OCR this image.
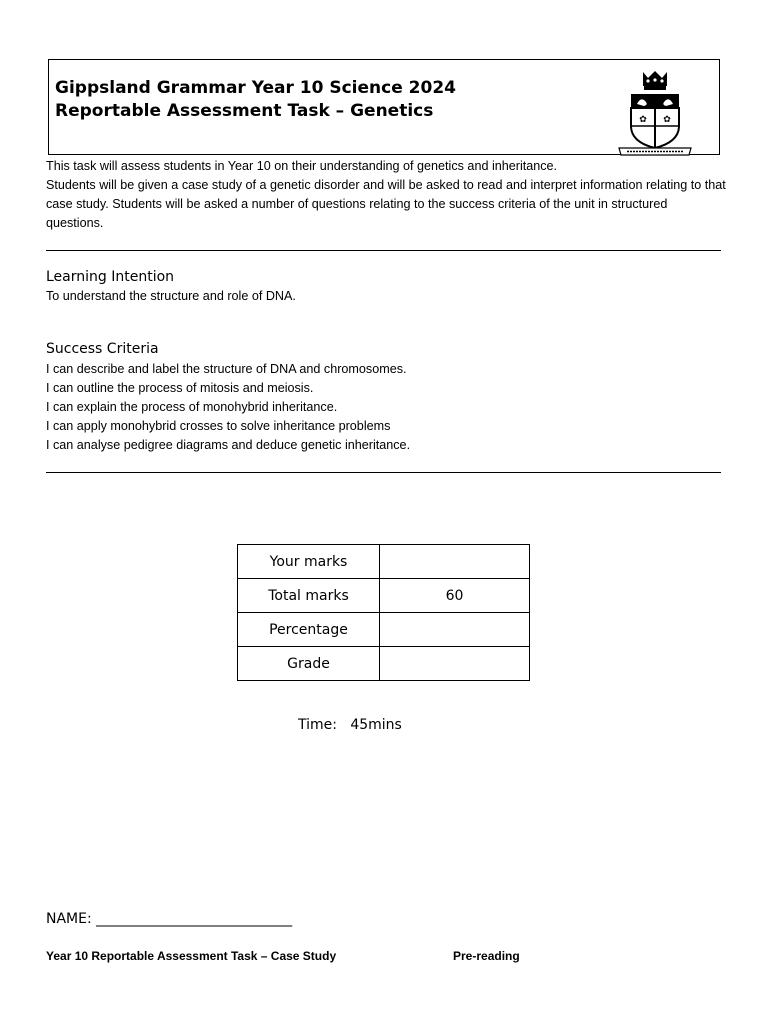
Gippsland Grammar Year 10 Science 2024
Reportable Assessment Task – Genetics	✿ ✿

This task will assess students in Year 10 on their understanding of genetics and inheritance.

Students will be given a case study of a genetic disorder and will be asked to read and interpret information relating to that case study. Students will be asked a number of questions relating to the success criteria of the unit in structured questions.

Learning Intention
To understand the structure and role of DNA.
Success Criteria
I can describe and label the structure of DNA and chromosomes.
I can outline the process of mitosis and meiosis.
I can explain the process of monohybrid inheritance.
I can apply monohybrid crosses to solve inheritance problems
I can analyse pedigree diagrams and deduce genetic inheritance.
Your marks	
Total marks	60
Percentage	
Grade	
Time: 45mins
NAME: ____________________________
Year 10 Reportable Assessment Task – Case Study	Pre-reading
